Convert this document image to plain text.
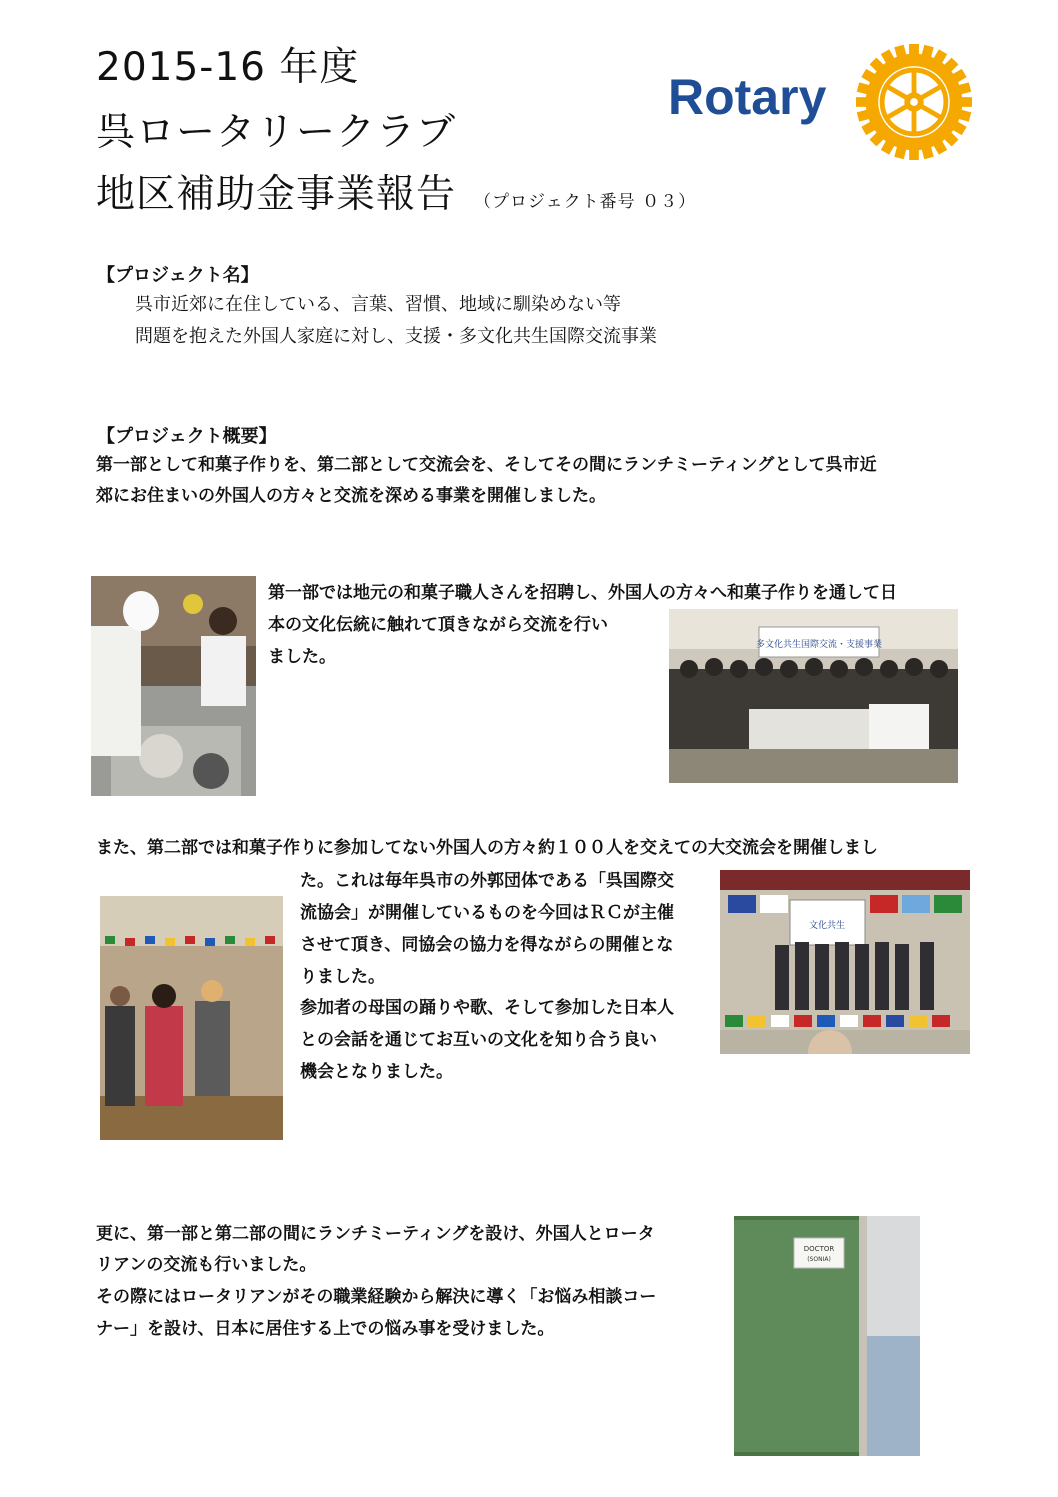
2015-16 年度
呉ロータリークラブ
地区補助金事業報告 （プロジェクト番号 ０３）
Rotary
【プロジェクト名】
呉市近郊に在住している、言葉、習慣、地域に馴染めない等
問題を抱えた外国人家庭に対し、支援・多文化共生国際交流事業
【プロジェクト概要】
第一部として和菓子作りを、第二部として交流会を、そしてその間にランチミーティングとして呉市近
郊にお住まいの外国人の方々と交流を深める事業を開催しました。
第一部では地元の和菓子職人さんを招聘し、外国人の方々へ和菓子作りを通して日
本の文化伝統に触れて頂きながら交流を行い
ました。
多文化共生国際交流・支援事業
また、第二部では和菓子作りに参加してない外国人の方々約１００人を交えての大交流会を開催しまし
た。これは毎年呉市の外郭団体である「呉国際交
流協会」が開催しているものを今回はＲＣが主催
させて頂き、同協会の協力を得ながらの開催とな
りました。
参加者の母国の踊りや歌、そして参加した日本人
との会話を通じてお互いの文化を知り合う良い
機会となりました。
文化共生
更に、第一部と第二部の間にランチミーティングを設け、外国人とロータ
リアンの交流も行いました。
その際にはロータリアンがその職業経験から解決に導く「お悩み相談コー
ナー」を設け、日本に居住する上での悩み事を受けました。
DOCTOR
(SONIA)
